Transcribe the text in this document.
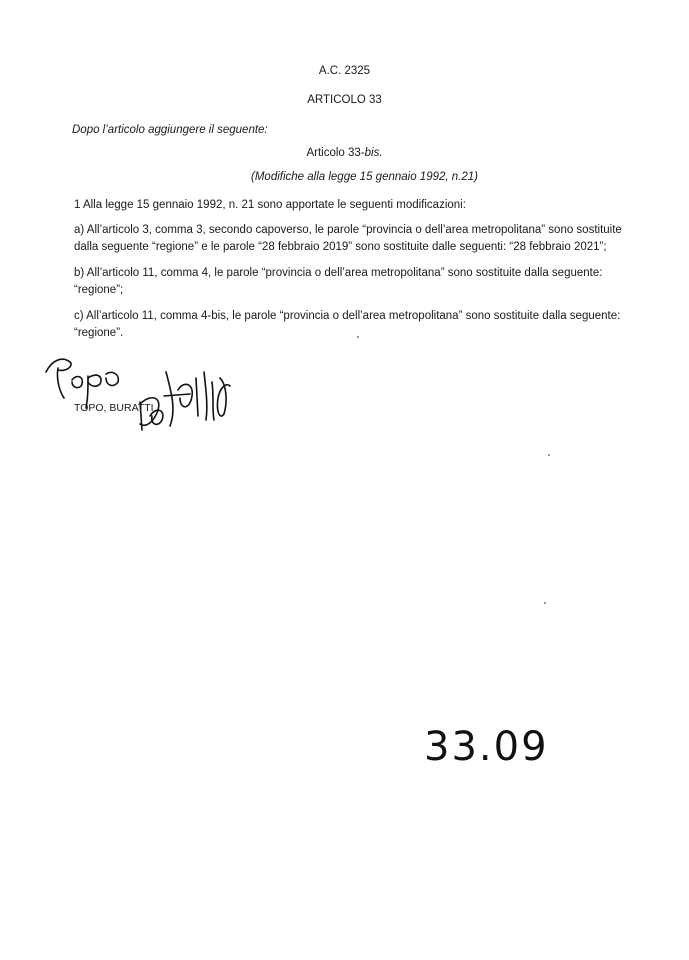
A.C. 2325
ARTICOLO 33
Dopo l’articolo aggiungere il seguente:
Articolo 33-bis.
(Modifiche alla legge 15 gennaio 1992, n.21)
1 Alla legge 15 gennaio 1992, n. 21 sono apportate le seguenti modificazioni:
a) All’articolo 3, comma 3, secondo capoverso, le parole “provincia o dell’area metropolitana” sono sostituite dalla seguente “regione” e le parole “28 febbraio 2019” sono sostituite dalle seguenti: “28 febbraio 2021”;
b) All’articolo 11, comma 4, le parole “provincia o dell’area metropolitana” sono sostituite dalla seguente: “regione”;
c) All’articolo 11, comma 4-bis, le parole “provincia o dell’area metropolitana” sono sostituite dalla seguente: “regione”.
TOPO, BURATTI
33.09
